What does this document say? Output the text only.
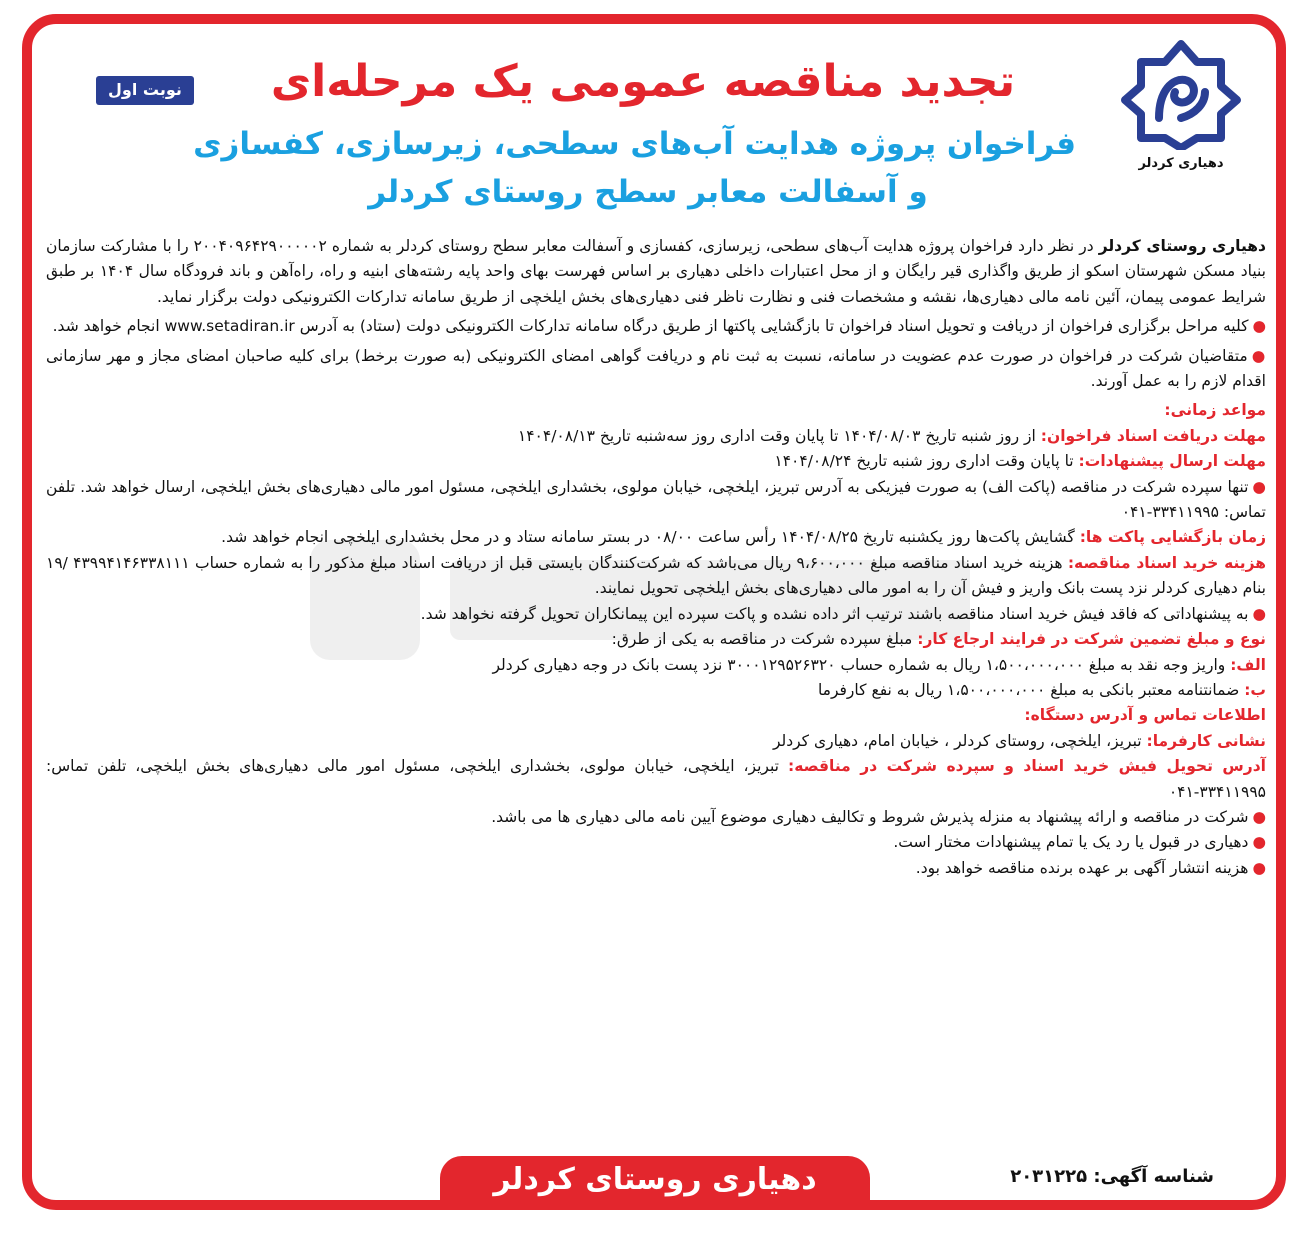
دهیاری کردلر
نوبت اول	تجدید مناقصه عمومی یک مرحله‌ای
فراخوان پروژه هدایت آب‌های سطحی، زیرسازی، کفسازی
و آسفالت معابر سطح روستای کردلر

دهیاری روستای کردلر در نظر دارد فراخوان پروژه هدایت آب‌های سطحی، زیرسازی، کفسازی و آسفالت معابر سطح روستای کردلر به شماره ۲۰۰۴۰۹۶۴۲۹۰۰۰۰۰۲ را با مشارکت سازمان بنیاد مسکن شهرستان اسکو از طریق واگذاری قیر رایگان و از محل اعتبارات داخلی دهیاری بر اساس فهرست بهای واحد پایه رشته‌های ابنیه و راه، راه‌آهن و باند فرودگاه سال ۱۴۰۴ بر طبق شرایط عمومی پیمان، آئین نامه مالی دهیاری‌ها، نقشه و مشخصات فنی و نظارت ناظر فنی دهیاری‌های بخش ایلخچی از طریق سامانه تدارکات الکترونیکی دولت برگزار نماید.

●کلیه مراحل برگزاری فراخوان از دریافت و تحویل اسناد فراخوان تا بازگشایی پاکتها از طریق درگاه سامانه تدارکات الکترونیکی دولت (ستاد) به آدرس www.setadiran.ir انجام خواهد شد.

●متقاضیان شرکت در فراخوان در صورت عدم عضویت در سامانه، نسبت به ثبت نام و دریافت گواهی امضای الکترونیکی (به صورت برخط) برای کلیه صاحبان امضای مجاز و مهر سازمانی اقدام لازم را به عمل آورند.

مواعد زمانی:

مهلت دریافت اسناد فراخوان: از روز شنبه تاریخ ۱۴۰۴/۰۸/۰۳ تا پایان وقت اداری روز سه‌شنبه تاریخ ۱۴۰۴/۰۸/۱۳

مهلت ارسال پیشنهادات: تا پایان وقت اداری روز شنبه تاریخ ۱۴۰۴/۰۸/۲۴

●تنها سپرده شرکت در مناقصه (پاکت الف) به صورت فیزیکی به آدرس تبریز، ایلخچی، خیابان مولوی، بخشداری ایلخچی، مسئول امور مالی دهیاری‌های بخش ایلخچی، ارسال خواهد شد. تلفن تماس: ۳۳۴۱۱۹۹۵-۰۴۱

زمان بازگشایی پاکت ها: گشایش پاکت‌ها روز یکشنبه تاریخ ۱۴۰۴/۰۸/۲۵ رأس ساعت ۰۸/۰۰ در بستر سامانه ستاد و در محل بخشداری ایلخچی انجام خواهد شد.

هزینه خرید اسناد مناقصه: هزینه خرید اسناد مناقصه مبلغ ۹،۶۰۰،۰۰۰ ریال می‌باشد که شرکت‌کنندگان بایستی قبل از دریافت اسناد مبلغ مذکور را به شماره حساب ۴۳۹۹۴۱۴۶۳۳۸۱۱۱ /۱۹ بنام دهیاری کردلر نزد پست بانک واریز و فیش آن را به امور مالی دهیاری‌های بخش ایلخچی تحویل نمایند.

●به پیشنهاداتی که فاقد فیش خرید اسناد مناقصه باشند ترتیب اثر داده نشده و پاکت سپرده این پیمانکاران تحویل گرفته نخواهد شد.

نوع و مبلغ تضمین شرکت در فرایند ارجاع کار: مبلغ سپرده شرکت در مناقصه به یکی از طرق:

الف: واریز وجه نقد به مبلغ ۱،۵۰۰،۰۰۰،۰۰۰ ریال به شماره حساب ۳۰۰۰۱۲۹۵۲۶۳۲۰ نزد پست بانک در وجه دهیاری کردلر

ب: ضمانتنامه معتبر بانکی به مبلغ ۱،۵۰۰،۰۰۰،۰۰۰ ریال به نفع کارفرما

اطلاعات تماس و آدرس دستگاه:

نشانی کارفرما: تبریز، ایلخچی، روستای کردلر ، خیابان امام، دهیاری کردلر

آدرس تحویل فیش خرید اسناد و سپرده شرکت در مناقصه: تبریز، ایلخچی، خیابان مولوی، بخشداری ایلخچی، مسئول امور مالی دهیاری‌های بخش ایلخچی، تلفن تماس: ۳۳۴۱۱۹۹۵-۰۴۱

●شرکت در مناقصه و ارائه پیشنهاد به منزله پذیرش شروط و تکالیف دهیاری موضوع آیین نامه مالی دهیاری ها می باشد.

●دهیاری در قبول یا رد یک یا تمام پیشنهادات مختار است.

●هزینه انتشار آگهی بر عهده برنده مناقصه خواهد بود.

شناسه آگهی: ۲۰۳۱۲۲۵
دهیاری روستای کردلر
